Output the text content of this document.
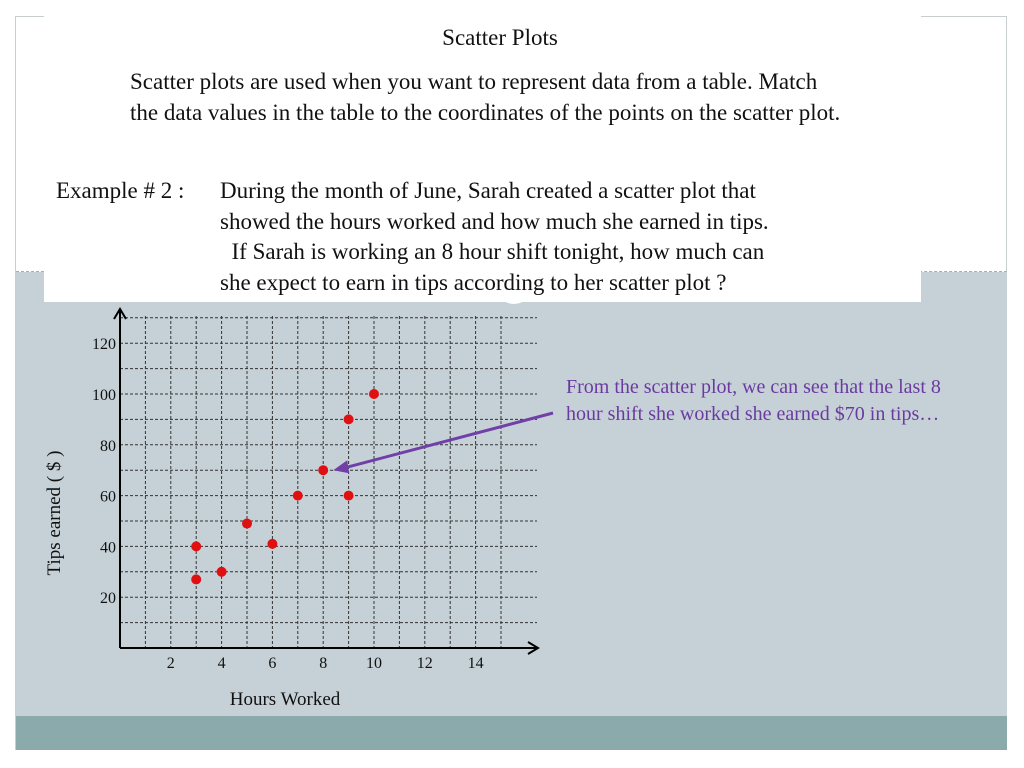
Scatter Plots
Scatter plots are used when you want to represent data from a table. Match the data values in the table to the coordinates of the points on the scatter plot.
Example # 2 : During the month of June, Sarah created a scatter plot that
showed the hours worked and how much she earned in tips.
If Sarah is working an 8 hour shift tonight, how much can
she expect to earn in tips according to her scatter plot ?
From the scatter plot, we can see that the last 8 hour shift she worked she earned $70 in tips…
2	4	6	8 10 12 14
20
40
60
80
100
120
Hours Worked
Tips earned ( $ )
